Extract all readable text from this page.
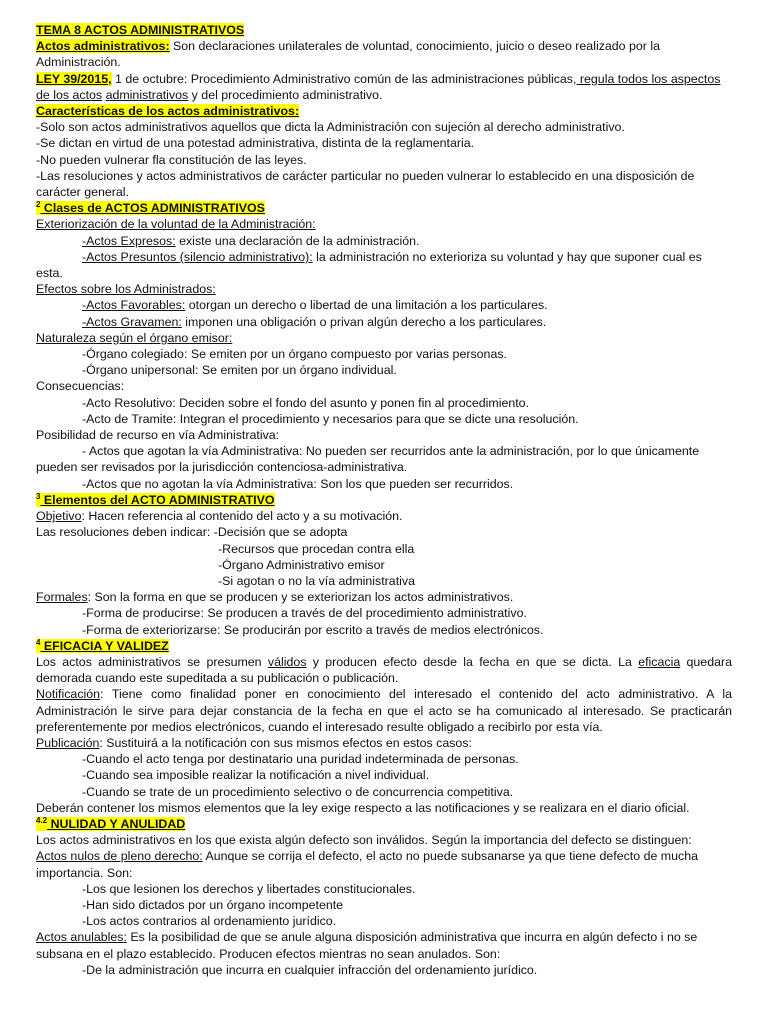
TEMA 8 ACTOS ADMINISTRATIVOS
Actos administrativos: Son declaraciones unilaterales de voluntad, conocimiento, juicio o deseo realizado por la Administración.
LEY 39/2015, 1 de octubre: Procedimiento Administrativo común de las administraciones públicas, regula todos los aspectos de los actos administrativos y del procedimiento administrativo.
Características de los actos administrativos:
-Solo son actos administrativos aquellos que dicta la Administración con sujeción al derecho administrativo.
-Se dictan en virtud de una potestad administrativa, distinta de la reglamentaria.
-No pueden vulnerar fla constitución de las leyes.
-Las resoluciones y actos administrativos de carácter particular no pueden vulnerar lo establecido en una disposición de carácter general.
$^2$ Clases de ACTOS ADMINISTRATIVOS
Exteriorización de la voluntad de la Administración:
-Actos Expresos: existe una declaración de la administración.
-Actos Presuntos (silencio administrativo): la administración no exterioriza su voluntad y hay que suponer cual es esta.
Efectos sobre los Administrados:
-Actos Favorables: otorgan un derecho o libertad de una limitación a los particulares.
-Actos Gravamen: imponen una obligación o privan algún derecho a los particulares.
Naturaleza según el órgano emisor:
-Órgano colegiado: Se emiten por un órgano compuesto por varias personas.
-Órgano unipersonal: Se emiten por un órgano individual.
Consecuencias:
-Acto Resolutivo: Deciden sobre el fondo del asunto y ponen fin al procedimiento.
-Acto de Tramite: Integran el procedimiento y necesarios para que se dicte una resolución.
Posibilidad de recurso en vía Administrativa:
- Actos que agotan la vía Administrativa: No pueden ser recurridos ante la administración, por lo que únicamente pueden ser revisados por la jurisdicción contenciosa-administrativa.
-Actos que no agotan la vía Administrativa: Son los que pueden ser recurridos.
$^3$ Elementos del ACTO ADMINISTRATIVO
Objetivo: Hacen referencia al contenido del acto y a su motivación.
Las resoluciones deben indicar: -Decisión que se adopta
-Recursos que procedan contra ella
-Órgano Administrativo emisor
-Si agotan o no la vía administrativa
Formales: Son la forma en que se producen y se exteriorizan los actos administrativos.
-Forma de producirse: Se producen a través de del procedimiento administrativo.
-Forma de exteriorizarse: Se producirán por escrito a través de medios electrónicos.
$^4$ EFICACIA Y VALIDEZ
Los actos administrativos se presumen válidos y producen efecto desde la fecha en que se dicta. La eficacia quedara demorada cuando este supeditada a su publicación o publicación.
Notificación: Tiene como finalidad poner en conocimiento del interesado el contenido del acto administrativo. A la Administración le sirve para dejar constancia de la fecha en que el acto se ha comunicado al interesado. Se practicarán preferentemente por medios electrónicos, cuando el interesado resulte obligado a recibirlo por esta vía.
Publicación: Sustituirá a la notificación con sus mismos efectos en estos casos:
-Cuando el acto tenga por destinatario una puridad indeterminada de personas.
-Cuando sea imposible realizar la notificación a nivel individual.
-Cuando se trate de un procedimiento selectivo o de concurrencia competitiva.
Deberán contener los mismos elementos que la ley exige respecto a las notificaciones y se realizara en el diario oficial.
$^{4.2}$ NULIDAD Y ANULIDAD
Los actos administrativos en los que exista algún defecto son inválidos. Según la importancia del defecto se distinguen:
Actos nulos de pleno derecho: Aunque se corrija el defecto, el acto no puede subsanarse ya que tiene defecto de mucha importancia. Son:
-Los que lesionen los derechos y libertades constitucionales.
-Han sido dictados por un órgano incompetente
-Los actos contrarios al ordenamiento jurídico.
Actos anulables: Es la posibilidad de que se anule alguna disposición administrativa que incurra en algún defecto i no se subsana en el plazo establecido. Producen efectos mientras no sean anulados. Son:
-De la administración que incurra en cualquier infracción del ordenamiento jurídico.
